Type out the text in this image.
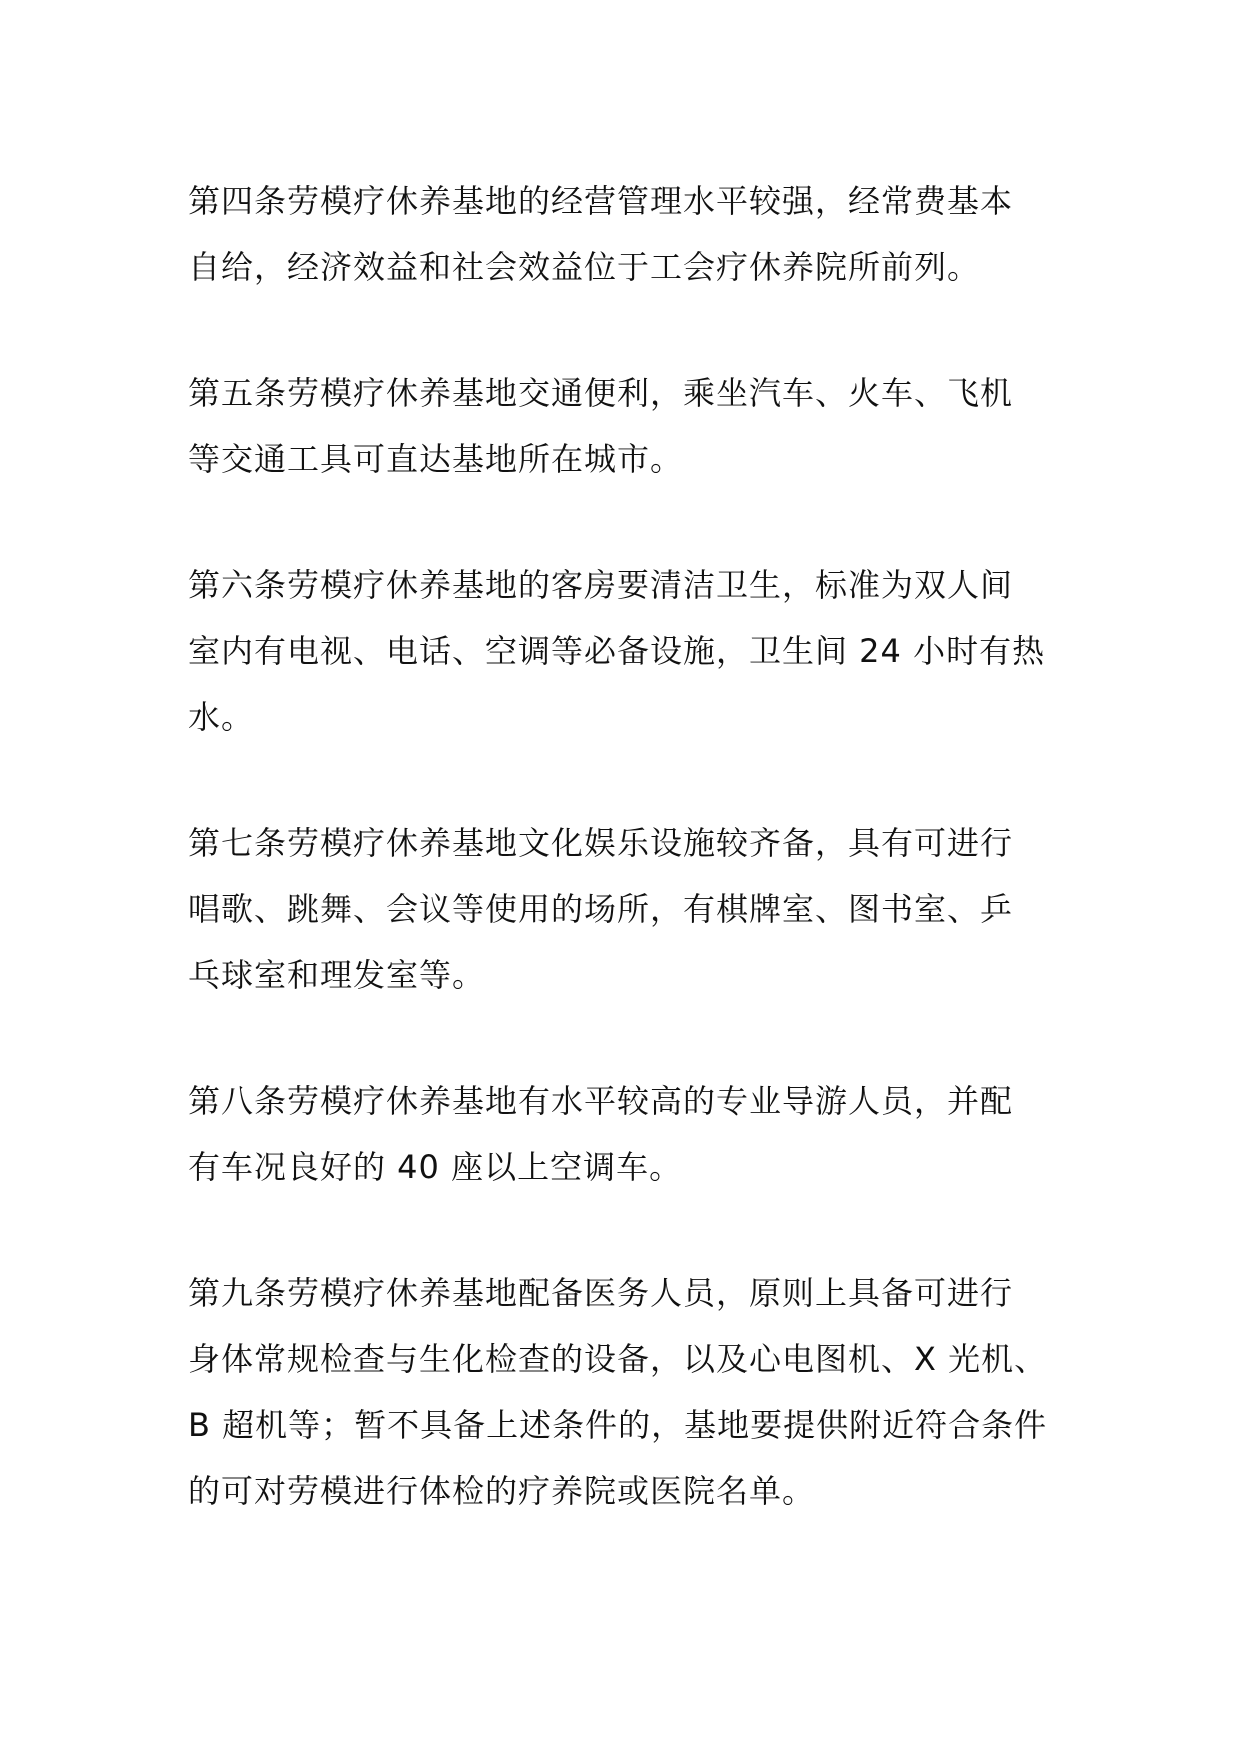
第四条劳模疗休养基地的经营管理水平较强，经常费基本
自给，经济效益和社会效益位于工会疗休养院所前列。

第五条劳模疗休养基地交通便利，乘坐汽车、火车、飞机
等交通工具可直达基地所在城市。

第六条劳模疗休养基地的客房要清洁卫生，标准为双人间
室内有电视、电话、空调等必备设施，卫生间 24 小时有热
水。

第七条劳模疗休养基地文化娱乐设施较齐备，具有可进行
唱歌、跳舞、会议等使用的场所，有棋牌室、图书室、乒
乓球室和理发室等。

第八条劳模疗休养基地有水平较高的专业导游人员，并配
有车况良好的 40 座以上空调车。

第九条劳模疗休养基地配备医务人员，原则上具备可进行
身体常规检查与生化检查的设备，以及心电图机、X 光机、
B 超机等；暂不具备上述条件的，基地要提供附近符合条件
的可对劳模进行体检的疗养院或医院名单。
